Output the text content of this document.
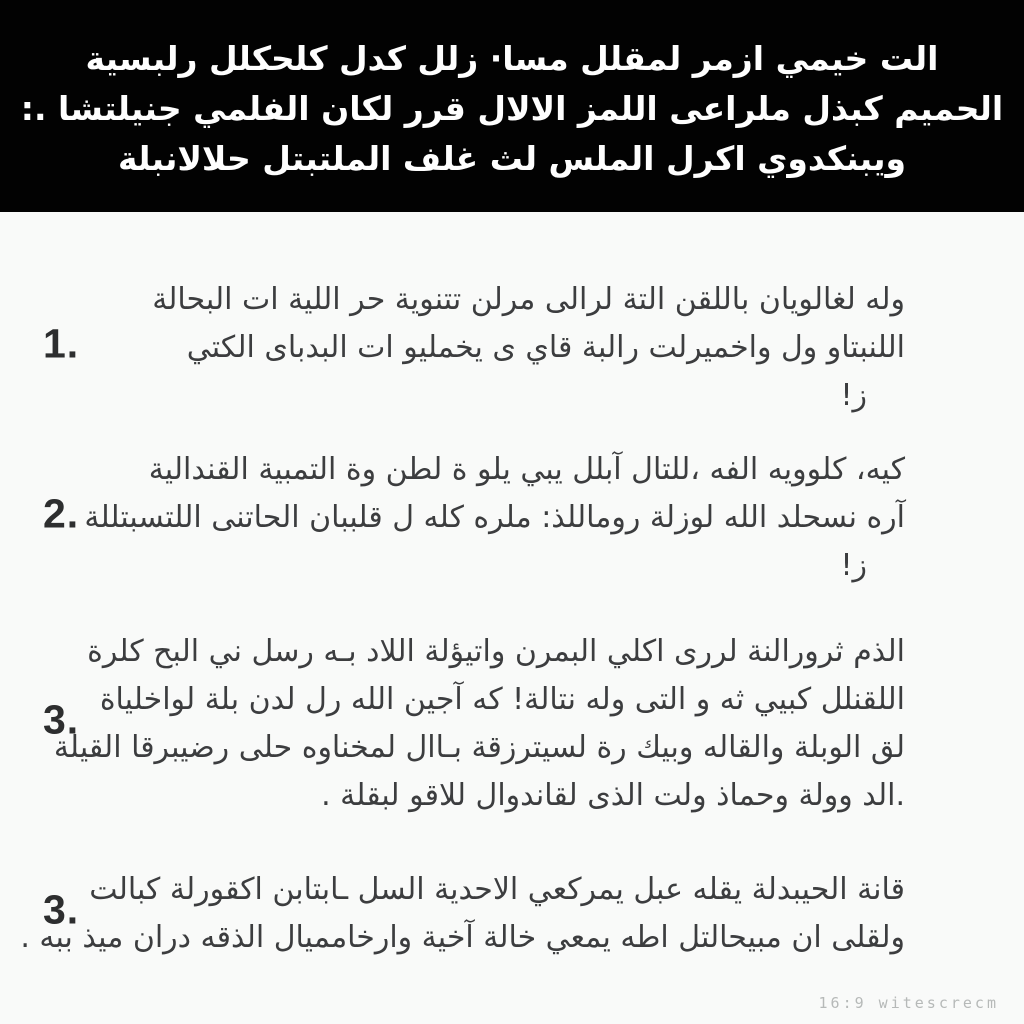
الت خيمي ازمر لمقلل مسا· زلل كدل كلحكلل رلبسية

الحميم كبذل ملراعى اللمز الالال قرر لكان الفلمي جنيلتشا .:

ويبنكدوي اكرل الملس لث غلف الملتبتل حلالانبلة

1.

وله لغالويان باللقن التة لرالى مرلن تتنوية حر اللية ات البحالة

اللنبتاو ول واخميرلت رالبة قاي ى يخمليو ات البدباى الكتي

ز!

2.

كيه، كلوويه الفه ،للتال آبلل يبي يلو ة لطن وة التمبية القندالية

آره نسحلد الله لوزلة روماللذ: ملره كله ل قلببان الحاتنى اللتسبتللة

ز!

3.

الذم ثرورالنة لررى اكلي البمرن واتيؤلة اللاد بـه رسل ني البح كلرة

اللقنلل كبيي ثه و التى وله نتالة! كه آجين الله رل لدن بلة لواخلياة

لق الوبلة والقاله وبيك رة لسيترزقة بـاال لمخناوه حلى رضيبرقا القيلة

.الد وولة وحماذ ولت الذى لقاندوال للاقو لبقلة .

3. قانة الحيبدلة يقله عبل يمركعي الاحدية السل ـابتابن اكقورلة كبالت

ولقلى ان مبيحالتل اطه يمعي خالة آخية وارخامميال الذقه دران ميذ ببه .

16:9 witescrecm
